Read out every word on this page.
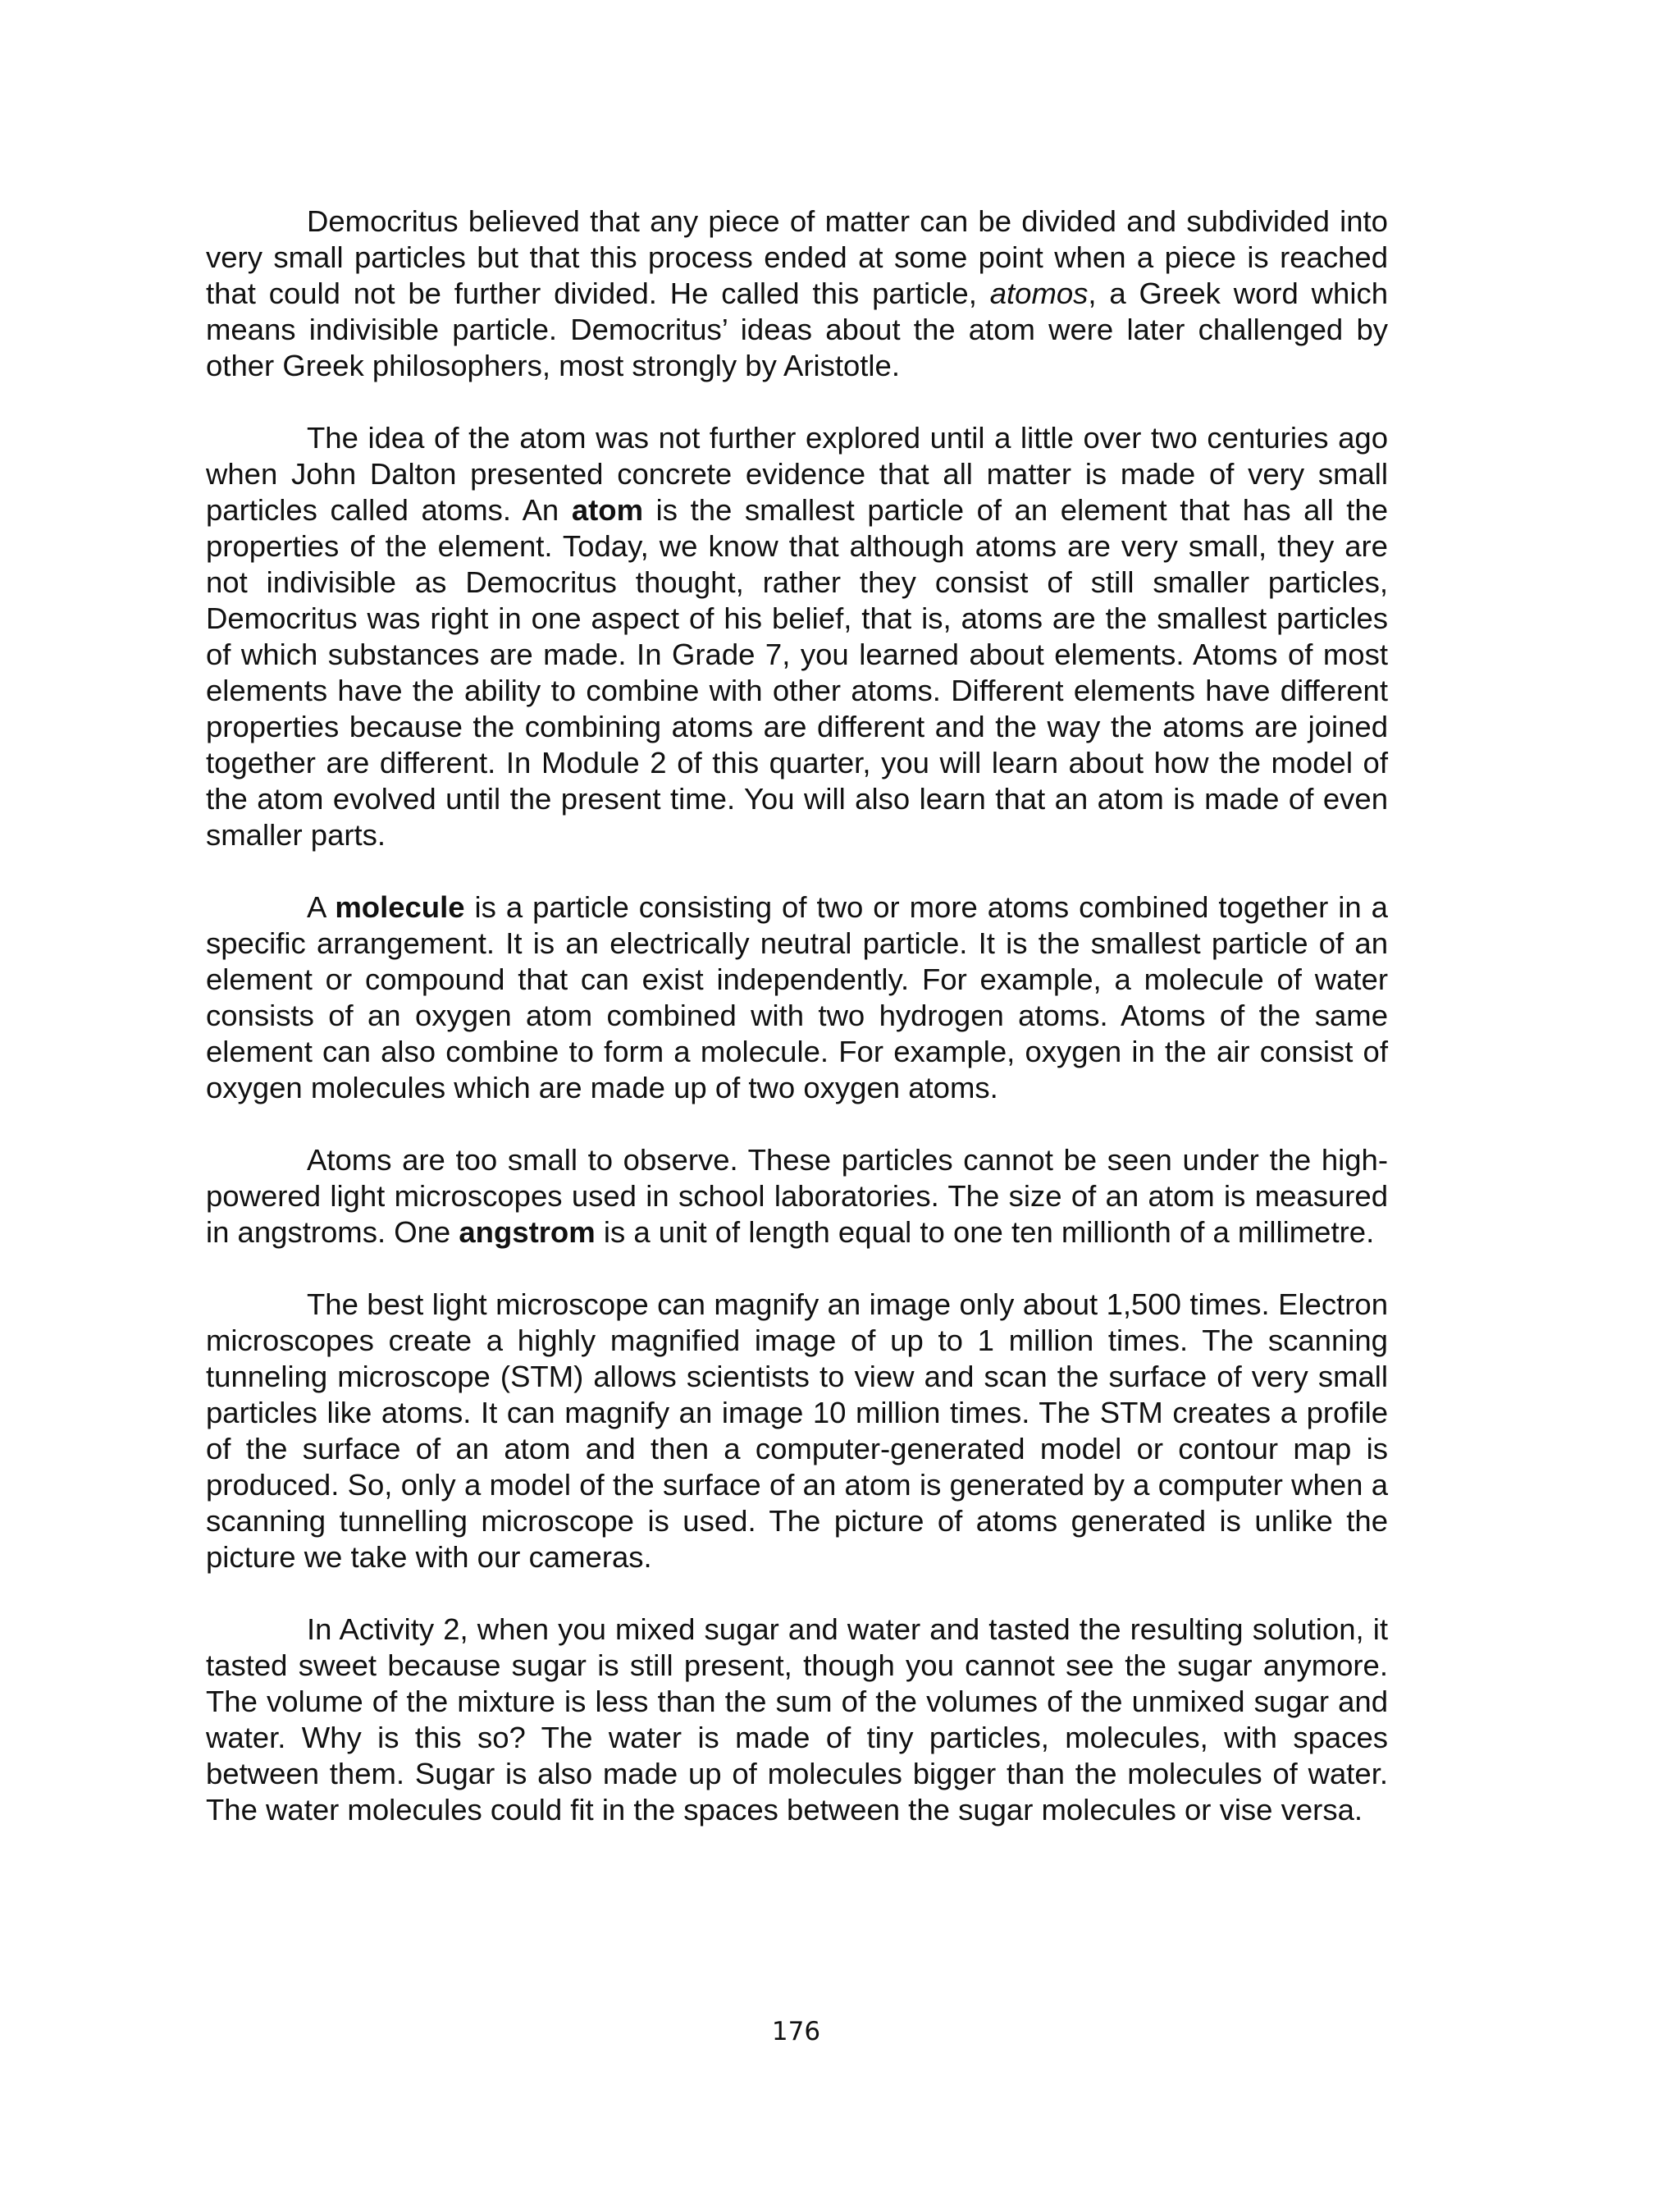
Democritus believed that any piece of matter can be divided and subdivided into very small particles but that this process ended at some point when a piece is reached that could not be further divided. He called this particle, atomos, a Greek word which means indivisible particle. Democritus’ ideas about the atom were later challenged by other Greek philosophers, most strongly by Aristotle.

The idea of the atom was not further explored until a little over two centuries ago when John Dalton presented concrete evidence that all matter is made of very small particles called atoms. An atom is the smallest particle of an element that has all the properties of the element. Today, we know that although atoms are very small, they are not indivisible as Democritus thought, rather they consist of still smaller particles, Democritus was right in one aspect of his belief, that is, atoms are the smallest particles of which substances are made. In Grade 7, you learned about elements. Atoms of most elements have the ability to combine with other atoms. Different elements have different properties because the combining atoms are different and the way the atoms are joined together are different. In Module 2 of this quarter, you will learn about how the model of the atom evolved until the present time. You will also learn that an atom is made of even smaller parts.

A molecule is a particle consisting of two or more atoms combined together in a specific arrangement. It is an electrically neutral particle. It is the smallest particle of an element or compound that can exist independently. For example, a molecule of water consists of an oxygen atom combined with two hydrogen atoms. Atoms of the same element can also combine to form a molecule. For example, oxygen in the air consist of oxygen molecules which are made up of two oxygen atoms.

Atoms are too small to observe. These particles cannot be seen under the high-powered light microscopes used in school laboratories. The size of an atom is measured in angstroms. One angstrom is a unit of length equal to one ten millionth of a millimetre.

The best light microscope can magnify an image only about 1,500 times. Electron microscopes create a highly magnified image of up to 1 million times. The scanning tunneling microscope (STM) allows scientists to view and scan the surface of very small particles like atoms. It can magnify an image 10 million times. The STM creates a profile of the surface of an atom and then a computer-generated model or contour map is produced. So, only a model of the surface of an atom is generated by a computer when a scanning tunnelling microscope is used. The picture of atoms generated is unlike the picture we take with our cameras.

In Activity 2, when you mixed sugar and water and tasted the resulting solution, it tasted sweet because sugar is still present, though you cannot see the sugar anymore. The volume of the mixture is less than the sum of the volumes of the unmixed sugar and water. Why is this so? The water is made of tiny particles, molecules, with spaces between them. Sugar is also made up of molecules bigger than the molecules of water. The water molecules could fit in the spaces between the sugar molecules or vise versa.

176
